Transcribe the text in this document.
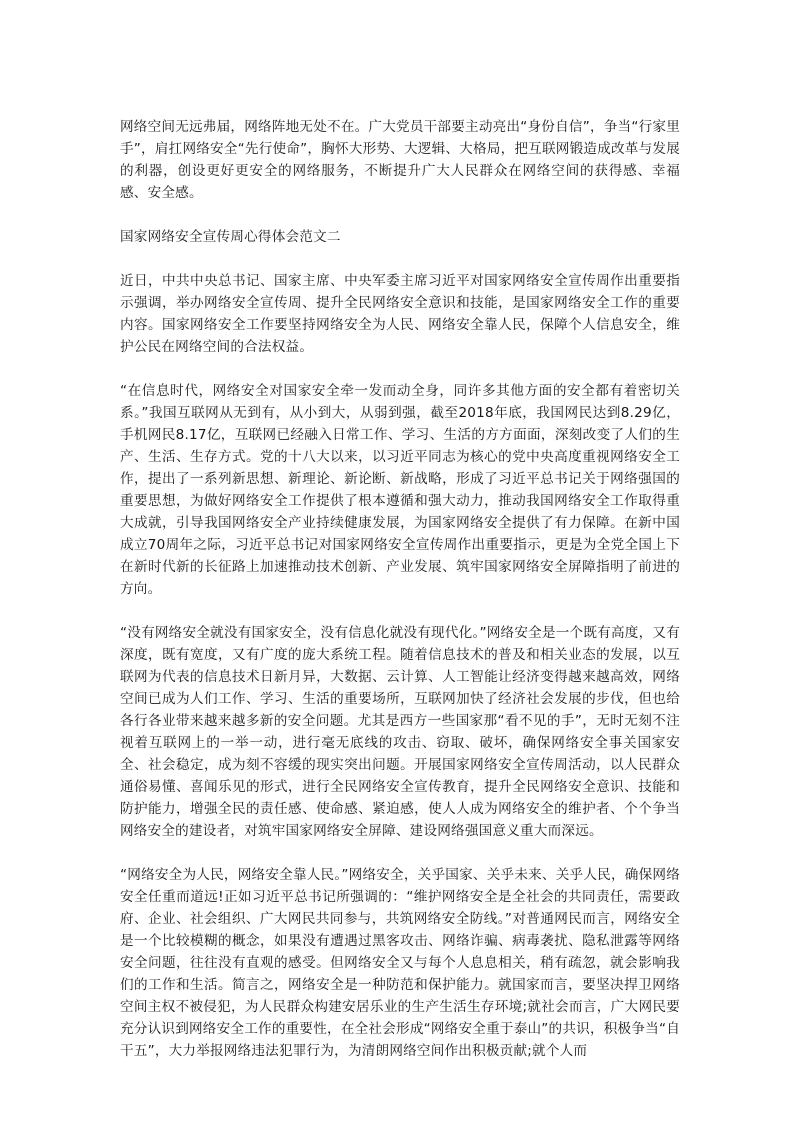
网络空间无远弗届，网络阵地无处不在。广大党员干部要主动亮出“身份自信”，争当“行家里手”，肩扛网络安全“先行使命”，胸怀大形势、大逻辑、大格局，把互联网锻造成改革与发展的利器，创设更好更安全的网络服务，不断提升广大人民群众在网络空间的获得感、幸福感、安全感。

国家网络安全宣传周心得体会范文二

近日，中共中央总书记、国家主席、中央军委主席习近平对国家网络安全宣传周作出重要指示强调，举办网络安全宣传周、提升全民网络安全意识和技能，是国家网络安全工作的重要内容。国家网络安全工作要坚持网络安全为人民、网络安全靠人民，保障个人信息安全，维护公民在网络空间的合法权益。

“在信息时代，网络安全对国家安全牵一发而动全身，同许多其他方面的安全都有着密切关系。”我国互联网从无到有，从小到大，从弱到强，截至2018年底，我国网民达到8.29亿，手机网民8.17亿，互联网已经融入日常工作、学习、生活的方方面面，深刻改变了人们的生产、生活、生存方式。党的十八大以来，以习近平同志为核心的党中央高度重视网络安全工作，提出了一系列新思想、新理论、新论断、新战略，形成了习近平总书记关于网络强国的重要思想，为做好网络安全工作提供了根本遵循和强大动力，推动我国网络安全工作取得重大成就，引导我国网络安全产业持续健康发展，为国家网络安全提供了有力保障。在新中国成立70周年之际，习近平总书记对国家网络安全宣传周作出重要指示，更是为全党全国上下在新时代新的长征路上加速推动技术创新、产业发展、筑牢国家网络安全屏障指明了前进的方向。

“没有网络安全就没有国家安全，没有信息化就没有现代化。”网络安全是一个既有高度，又有深度，既有宽度，又有广度的庞大系统工程。随着信息技术的普及和相关业态的发展，以互联网为代表的信息技术日新月异，大数据、云计算、人工智能让经济变得越来越高效，网络空间已成为人们工作、学习、生活的重要场所，互联网加快了经济社会发展的步伐，但也给各行各业带来越来越多新的安全问题。尤其是西方一些国家那“看不见的手”，无时无刻不注视着互联网上的一举一动，进行毫无底线的攻击、窃取、破坏，确保网络安全事关国家安全、社会稳定，成为刻不容缓的现实突出问题。开展国家网络安全宣传周活动，以人民群众通俗易懂、喜闻乐见的形式，进行全民网络安全宣传教育，提升全民网络安全意识、技能和防护能力，增强全民的责任感、使命感、紧迫感，使人人成为网络安全的维护者、个个争当网络安全的建设者，对筑牢国家网络安全屏障、建设网络强国意义重大而深远。

“网络安全为人民，网络安全靠人民。”网络安全，关乎国家、关乎未来、关乎人民，确保网络安全任重而道远!正如习近平总书记所强调的：“维护网络安全是全社会的共同责任，需要政府、企业、社会组织、广大网民共同参与，共筑网络安全防线。”对普通网民而言，网络安全是一个比较模糊的概念，如果没有遭遇过黑客攻击、网络诈骗、病毒袭扰、隐私泄露等网络安全问题，往往没有直观的感受。但网络安全又与每个人息息相关，稍有疏忽，就会影响我们的工作和生活。简言之，网络安全是一种防范和保护能力。就国家而言，要坚决捍卫网络空间主权不被侵犯，为人民群众构建安居乐业的生产生活生存环境;就社会而言，广大网民要充分认识到网络安全工作的重要性，在全社会形成“网络安全重于泰山”的共识，积极争当“自干五”，大力举报网络违法犯罪行为，为清朗网络空间作出积极贡献;就个人而
